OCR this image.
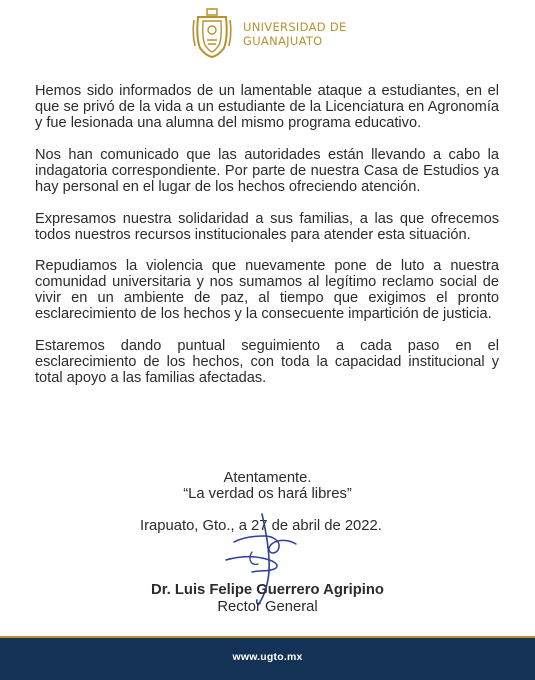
UNIVERSIDAD DE
GUANAJUATO

Hemos sido informados de un lamentable ataque a estudiantes, en el que se privó de la vida a un estudiante de la Licenciatura en Agronomía y fue lesionada una alumna del mismo programa educativo.

Nos han comunicado que las autoridades están llevando a cabo la indagatoria correspondiente. Por parte de nuestra Casa de Estudios ya hay personal en el lugar de los hechos ofreciendo atención.

Expresamos nuestra solidaridad a sus familias, a las que ofrecemos todos nuestros recursos institucionales para atender esta situación.

Repudiamos la violencia que nuevamente pone de luto a nuestra comunidad universitaria y nos sumamos al legítimo reclamo social de vivir en un ambiente de paz, al tiempo que exigimos el pronto esclarecimiento de los hechos y la consecuente impartición de justicia.

Estaremos dando puntual seguimiento a cada paso en el esclarecimiento de los hechos, con toda la capacidad institucional y total apoyo a las familias afectadas.

Atentamente.
“La verdad os hará libres”
Irapuato, Gto., a 27 de abril de 2022.
Dr. Luis Felipe Guerrero Agripino
Rector General
www.ugto.mx
